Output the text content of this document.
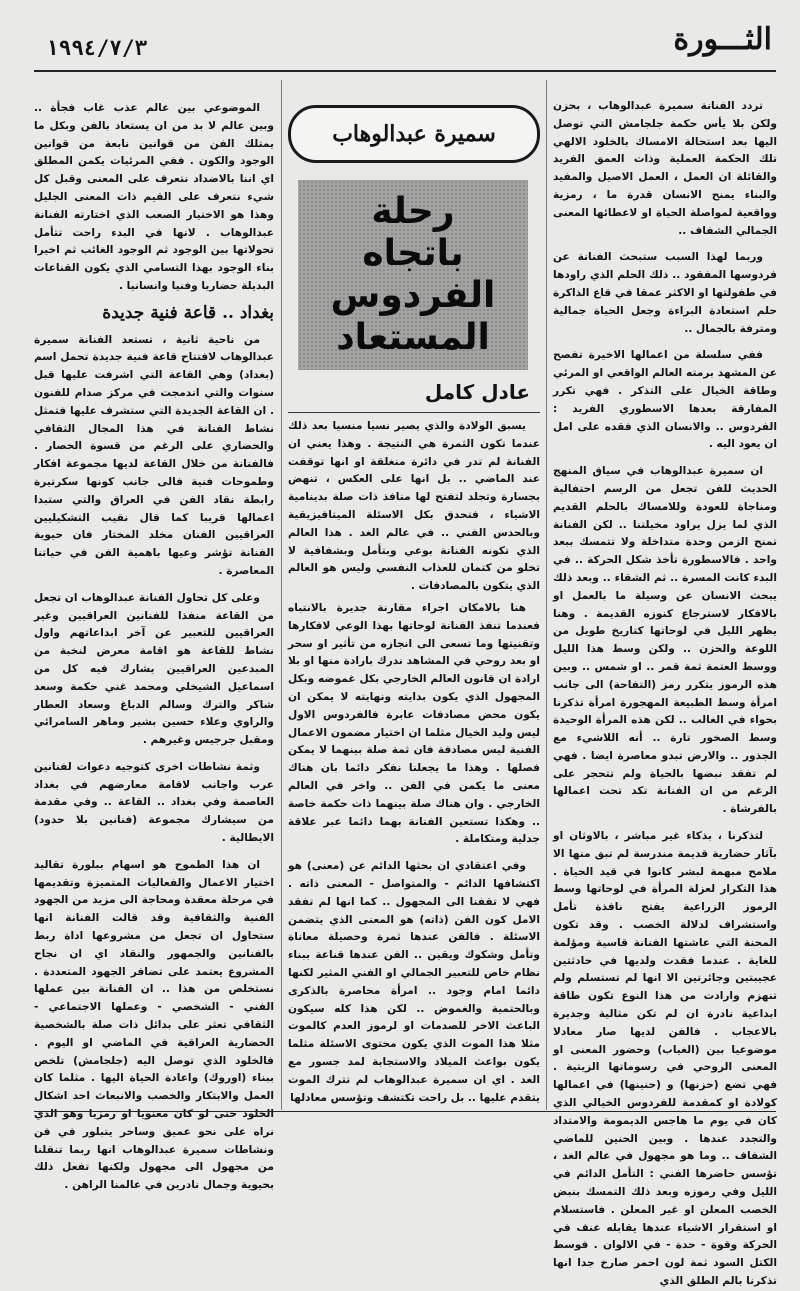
الثـــورة
١٩٩٤/٧/٣

تردد الفنانة سميرة عبدالوهاب ، بحزن ولكن بلا يأس حكمة جلجامش التي توصل اليها بعد استحالة الامساك بالخلود الالهي تلك الحكمة العملية وذات العمق الفريد والقائلة ان العمل ، العمل الاصيل والمفيد والبناء يمنح الانسان قدرة ما ، رمزية وواقعية لمواصلة الحياة او لاعطائها المعنى الجمالي الشفاف ..

وربما لهذا السبب ستبحث الفنانة عن فردوسها المفقود .. ذلك الحلم الذي راودها في طفولتها او الاكثر عمقا في قاع الذاكرة حلم استعادة البراءة وجعل الحياة جمالية ومترفة بالجمال ..

ففي سلسلة من اعمالها الاخيرة تفصح عن المشهد برمته العالم الواقعي او المرئي وطاقة الخيال على التذكر . فهي تكرر المفارقة بعدها الاسطوري الفريد : الفردوس .. والانسان الذي فقده على امل ان يعود اليه .

ان سميرة عبدالوهاب في سياق المنهج الحديث للفن تجعل من الرسم احتفالية ومناجاة للعودة وللامساك بالحلم القديم الذي لما يزل يراود مخيلتنا .. لكن الفنانة تمنح الزمن وحدة متداخلة ولا تتمسك ببعد واحد . فالاسطورة تأخذ شكل الحركة .. في البدء كانت المسرة .. ثم الشقاء .. وبعد ذلك يبحث الانسان عن وسيلة ما بالعمل او بالافكار لاسترجاع كنوزه القديمة . وهنا يظهر الليل في لوحاتها كتاريخ طويل من اللوعة والحزن .. ولكن وسط هذا الليل ووسط العتمة ثمة قمر .. او شمس .. وبين هذه الرموز يتكرر رمز (التفاحة) الى جانب امرأة وسط الطبيعة المهجورة امرأة تذكرنا بحواء في الغالب .. لكن هذه المرأة الوحيدة وسط الصخور تارة .. أنه اللاشيء مع الجذور .. والارض تبدو معاصرة ايضا . فهي لم تفقد نبضها بالحياة ولم تتحجر على الرغم من ان الفنانة تكد تحت اعمالها بالفرشاة .

لتذكرنا ، بذكاء غير مباشر ، بالاوثان او بآثار حضارية قديمة مندرسة لم تبق منها الا ملامح مبهمة لبشر كانوا في قيد الحياة . هذا التكرار لعزلة المرأة في لوحاتها وسط الرموز الزراعية يفتح نافذة تأمل واستشراف لدلالة الخصب . وقد تكون المحنة التي عاشتها الفنانة قاسية ومؤلمة للغاية . عندما فقدت ولديها في حادثتين عجيبتين وجائرتين الا انها لم تستسلم ولم تنهزم وارادت من هذا النوع تكون طاقة ابداعية نادرة ان لم تكن مثالية وجديرة بالاعجاب . فالفن لديها صار معادلا موضوعيا بين (الغياب) وحضور المعنى او المعنى الروحي في رسوماتها الزيتية . فهي تضع (حزنها) و (حنينها) في اعمالها كولادة او كمقدمة للفردوس الخيالي الذي كان في يوم ما هاجس الديمومة والامتداد والتجدد عندها . وبين الحنين للماضي الشفاف .. وما هو مجهول في عالم الغد ، تؤسس حاضرها الفني : التأمل الدائم في الليل وفي رموزه وبعد ذلك التمسك بنبض الخصب المعلن او غير المعلن . فاستسلام او استقرار الاشياء عندها يقابله عنف في الحركة وقوة - حدة - في الالوان . فوسط الكتل السود ثمة لون احمر صارخ جدا انها تذكرنا بالم الطلق الذي

سميرة عبدالوهاب
رحلة
باتجاه
الفردوس
المستعاد
عادل كامل

يسبق الولادة والذي يصير نسيا منسيا بعد ذلك عندما تكون الثمرة هي النتيجة . وهذا يعني ان الفنانة لم تدر في دائرة منغلقة او انها توقفت عند الماضي .. بل انها على العكس ، تنهض بجسارة وتجلد لتفتح لها منافذ ذات صلة بدينامية الاشياء ، فتحدق بكل الاسئلة الميتافيزيقية وبالحدس الفني .. في عالم الغد . هذا العالم الذي تكونه الفنانة بوعي وبتأمل وبشفافية لا تخلو من كتمان للعذاب النفسي وليس هو العالم الذي يتكون بالمصادفات .

هنا بالامكان اجراء مقارنة جديرة بالانتباه فعندما تنفذ الفنانة لوحاتها بهذا الوعي لافكارها وتقنيتها وما تسعى الى انجازه من تأثير او سحر او بعد روحي في المشاهد ندرك بارادة منها او بلا ارادة ان قانون العالم الخارجي بكل غموضه وبكل المجهول الذي يكون بدايته ونهايته لا يمكن ان يكون محض مصادفات عابرة فالفردوس الاول ليس وليد الخيال مثلما ان اختيار مضمون الاعمال الفنية ليس مصادفة فان ثمة صلة بينهما لا يمكن فصلها . وهذا ما يجعلنا نفكر دائما بان هناك معنى ما يكمن في الفن .. واخر في العالم الخارجي . وان هناك صلة بينهما ذات حكمة خاصة .. وهكذا تستعين الفنانة بهما دائما عبر علاقة جدلية ومتكاملة .

وفي اعتقادي ان بحثها الدائم عن (معنى) هو اكتشافها الدائم - والمتواصل - المعنى ذاته . فهي لا تقفنا الى المجهول .. كما انها لم تفقد الامل كون الفن (ذاته) هو المعنى الذي يتضمن الاسئلة . فالفن عندها ثمرة وحصيلة معاناة وتأمل وشكوك ويقين .. الفن عندها قناعة ببناء نظام خاص للتعبير الجمالي او الفني المثير لكنها دائما امام وجود .. امرأة محاصرة بالذكرى وبالحتمية والغموض .. لكن هذا كله سيكون الباعث الاخر للصدمات او لرموز العدم كالموت مثلا هذا الموت الذي يكون محتوى الاسئلة مثلما يكون بواعث الميلاد والاستجابة لمد جسور مع الغد . اي ان سميرة عبدالوهاب لم تترك الموت يتقدم عليها .. بل راحت تكتشف وتؤسس معادلها

الموضوعي بين عالم عذب غاب فجأة .. وبين عالم لا بد من ان يستعاد بالفن وبكل ما يمتلك الفن من قوانين نابعة من قوانين الوجود والكون . ففي المرئيات يكمن المطلق اي اننا بالاضداد نتعرف على المعنى وقبل كل شيء نتعرف على القيم ذات المعنى الجليل وهذا هو الاختيار الصعب الذي اختارته الفنانة عبدالوهاب . لانها في البدء راحت تتأمل تحولاتها بين الوجود ثم الوجود الغائب ثم اخيرا بناء الوجود بهذا التسامي الذي يكون القناعات البديلة حضاريا وفنيا وانسانيا .

بغداد .. قاعة فنية جديدة

من ناحية ثانية ، تستعد الفنانة سميرة عبدالوهاب لافتتاح قاعة فنية جديدة تحمل اسم (بغداد) وهي القاعة التي اشرفت عليها قبل سنوات والتي اندمجت في مركز صدام للفنون . ان القاعة الجديدة التي ستشرف عليها فتمثل نشاط الفنانة في هذا المجال الثقافي والحضاري على الرغم من قسوة الحصار . فالفنانة من خلال القاعة لديها مجموعة افكار وطموحات فنية فالى جانب كونها سكرتيرة رابطة نقاد الفن في العراق والتي ستبدا اعمالها قريبا كما قال نقيب التشكيليين العراقيين الفنان مخلد المختار فان حيوية الفنانة تؤشر وعيها باهمية الفن في حياتنا المعاصرة .

وعلى كل تحاول الفنانة عبدالوهاب ان تجعل من القاعة منفذا للفنانين العراقيين وغير العراقيين للتعبير عن آخر ابداعاتهم واول نشاط للقاعة هو اقامة معرض لنخبة من المبدعين العراقيين يشارك فيه كل من اسماعيل الشيخلي ومحمد غني حكمة وسعد شاكر والترك وسالم الدباغ وسعاد العطار والراوي وعلاء حسين بشير وماهر السامرائي ومقبل جرجيس وغيرهم .

وثمة نشاطات اخرى كتوجيه دعوات لفنانين عرب واجانب لاقامة معارضهم في بغداد العاصمة وفي بغداد .. القاعة .. وفي مقدمة من سيشارك مجموعة (فنانين بلا حدود) الايطالية .

ان هذا الطموح هو اسهام ببلورة تقاليد اختيار الاعمال والفعاليات المتميزة وتقديمها في مرحلة معقدة ومحاجة الى مزيد من الجهود الفنية والثقافية وقد قالت الفنانة انها ستحاول ان تجعل من مشروعها اداة ربط بالفنانين والجمهور والنقاد اي ان نجاح المشروع يعتمد على تضافر الجهود المتعددة . نستخلص من هذا .. ان الفنانة بين عملها الفني - الشخصي - وعملها الاجتماعي - الثقافي تعثر على بدائل ذات صلة بالشخصية الحضارية العراقية في الماضي او اليوم . فالخلود الذي توصل اليه (جلجامش) تلخص ببناء (اوروك) واعادة الحياة اليها . مثلما كان العمل والابتكار والخصب والانبعاث احد اشكال الخلود حتى لو كان معنويا او رمزيا وهو الذي نراه على نحو عميق وساحر يتبلور في فن ونشاطات سميرة عبدالوهاب انها ربما تنقلنا من مجهول الى مجهول ولكنها تفعل ذلك بحيوية وجمال نادرين في عالمنا الراهن .
